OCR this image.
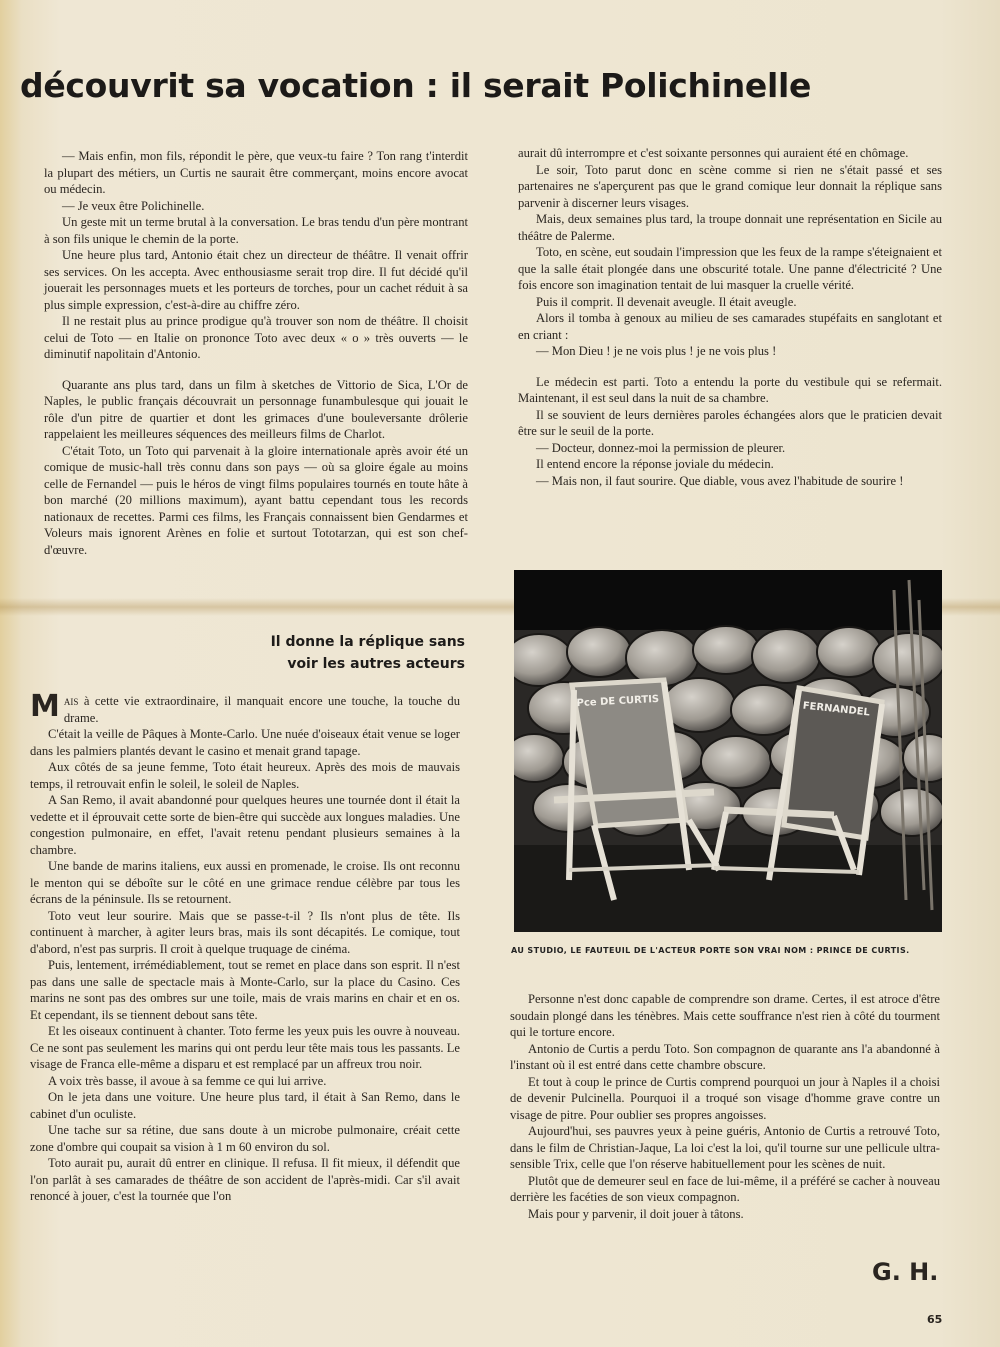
découvrit sa vocation : il serait Polichinelle

— Mais enfin, mon fils, répondit le père, que veux-tu faire ? Ton rang t'interdit la plupart des métiers, un Curtis ne saurait être commerçant, moins encore avocat ou médecin.

— Je veux être Polichinelle.

Un geste mit un terme brutal à la conversation. Le bras tendu d'un père montrant à son fils unique le chemin de la porte.

Une heure plus tard, Antonio était chez un directeur de théâtre. Il venait offrir ses services. On les accepta. Avec enthousiasme serait trop dire. Il fut décidé qu'il jouerait les personnages muets et les porteurs de torches, pour un cachet réduit à sa plus simple expression, c'est-à-dire au chiffre zéro.

Il ne restait plus au prince prodigue qu'à trouver son nom de théâtre. Il choisit celui de Toto — en Italie on prononce Toto avec deux « o » très ouverts — le diminutif napolitain d'Antonio.

Quarante ans plus tard, dans un film à sketches de Vittorio de Sica, L'Or de Naples, le public français découvrait un personnage funambulesque qui jouait le rôle d'un pitre de quartier et dont les grimaces d'une bouleversante drôlerie rappelaient les meilleures séquences des meilleurs films de Charlot.

C'était Toto, un Toto qui parvenait à la gloire internationale après avoir été un comique de music-hall très connu dans son pays — où sa gloire égale au moins celle de Fernandel — puis le héros de vingt films populaires tournés en toute hâte à bon marché (20 millions maximum), ayant battu cependant tous les records nationaux de recettes. Parmi ces films, les Français connaissent bien Gendarmes et Voleurs mais ignorent Arènes en folie et surtout Tototarzan, qui est son chef-d'œuvre.

aurait dû interrompre et c'est soixante personnes qui auraient été en chômage.

Le soir, Toto parut donc en scène comme si rien ne s'était passé et ses partenaires ne s'aperçurent pas que le grand comique leur donnait la réplique sans parvenir à discerner leurs visages.

Mais, deux semaines plus tard, la troupe donnait une représentation en Sicile au théâtre de Palerme.

Toto, en scène, eut soudain l'impression que les feux de la rampe s'éteignaient et que la salle était plongée dans une obscurité totale. Une panne d'électricité ? Une fois encore son imagination tentait de lui masquer la cruelle vérité.

Puis il comprit. Il devenait aveugle. Il était aveugle.

Alors il tomba à genoux au milieu de ses camarades stupéfaits en sanglotant et en criant :

— Mon Dieu ! je ne vois plus ! je ne vois plus !

Le médecin est parti. Toto a entendu la porte du vestibule qui se refermait. Maintenant, il est seul dans la nuit de sa chambre.

Il se souvient de leurs dernières paroles échangées alors que le praticien devait être sur le seuil de la porte.

— Docteur, donnez-moi la permission de pleurer.

Il entend encore la réponse joviale du médecin.

— Mais non, il faut sourire. Que diable, vous avez l'habitude de sourire !

Il donne la réplique sans
voir les autres acteurs

Mais à cette vie extraordinaire, il manquait encore une touche, la touche du drame.

C'était la veille de Pâques à Monte-Carlo. Une nuée d'oiseaux était venue se loger dans les palmiers plantés devant le casino et menait grand tapage.

Aux côtés de sa jeune femme, Toto était heureux. Après des mois de mauvais temps, il retrouvait enfin le soleil, le soleil de Naples.

A San Remo, il avait abandonné pour quelques heures une tournée dont il était la vedette et il éprouvait cette sorte de bien-être qui succède aux longues maladies. Une congestion pulmonaire, en effet, l'avait retenu pendant plusieurs semaines à la chambre.

Une bande de marins italiens, eux aussi en promenade, le croise. Ils ont reconnu le menton qui se déboîte sur le côté en une grimace rendue célèbre par tous les écrans de la péninsule. Ils se retournent.

Toto veut leur sourire. Mais que se passe-t-il ? Ils n'ont plus de tête. Ils continuent à marcher, à agiter leurs bras, mais ils sont décapités. Le comique, tout d'abord, n'est pas surpris. Il croit à quelque truquage de cinéma.

Puis, lentement, irrémédiablement, tout se remet en place dans son esprit. Il n'est pas dans une salle de spectacle mais à Monte-Carlo, sur la place du Casino. Ces marins ne sont pas des ombres sur une toile, mais de vrais marins en chair et en os. Et cependant, ils se tiennent debout sans tête.

Et les oiseaux continuent à chanter. Toto ferme les yeux puis les ouvre à nouveau. Ce ne sont pas seulement les marins qui ont perdu leur tête mais tous les passants. Le visage de Franca elle-même a disparu et est remplacé par un affreux trou noir.

A voix très basse, il avoue à sa femme ce qui lui arrive.

On le jeta dans une voiture. Une heure plus tard, il était à San Remo, dans le cabinet d'un oculiste.

Une tache sur sa rétine, due sans doute à un microbe pulmonaire, créait cette zone d'ombre qui coupait sa vision à 1 m 60 environ du sol.

Toto aurait pu, aurait dû entrer en clinique. Il refusa. Il fit mieux, il défendit que l'on parlât à ses camarades de théâtre de son accident de l'après-midi. Car s'il avait renoncé à jouer, c'est la tournée que l'on

Pce DE CURTIS	FERNANDEL
AU STUDIO, LE FAUTEUIL DE L'ACTEUR PORTE SON VRAI NOM : PRINCE DE CURTIS.

Personne n'est donc capable de comprendre son drame. Certes, il est atroce d'être soudain plongé dans les ténèbres. Mais cette souffrance n'est rien à côté du tourment qui le torture encore.

Antonio de Curtis a perdu Toto. Son compagnon de quarante ans l'a abandonné à l'instant où il est entré dans cette chambre obscure.

Et tout à coup le prince de Curtis comprend pourquoi un jour à Naples il a choisi de devenir Pulcinella. Pourquoi il a troqué son visage d'homme grave contre un visage de pitre. Pour oublier ses propres angoisses.

Aujourd'hui, ses pauvres yeux à peine guéris, Antonio de Curtis a retrouvé Toto, dans le film de Christian-Jaque, La loi c'est la loi, qu'il tourne sur une pellicule ultra-sensible Trix, celle que l'on réserve habituellement pour les scènes de nuit.

Plutôt que de demeurer seul en face de lui-même, il a préféré se cacher à nouveau derrière les facéties de son vieux compagnon.

Mais pour y parvenir, il doit jouer à tâtons.

G. H.
65
